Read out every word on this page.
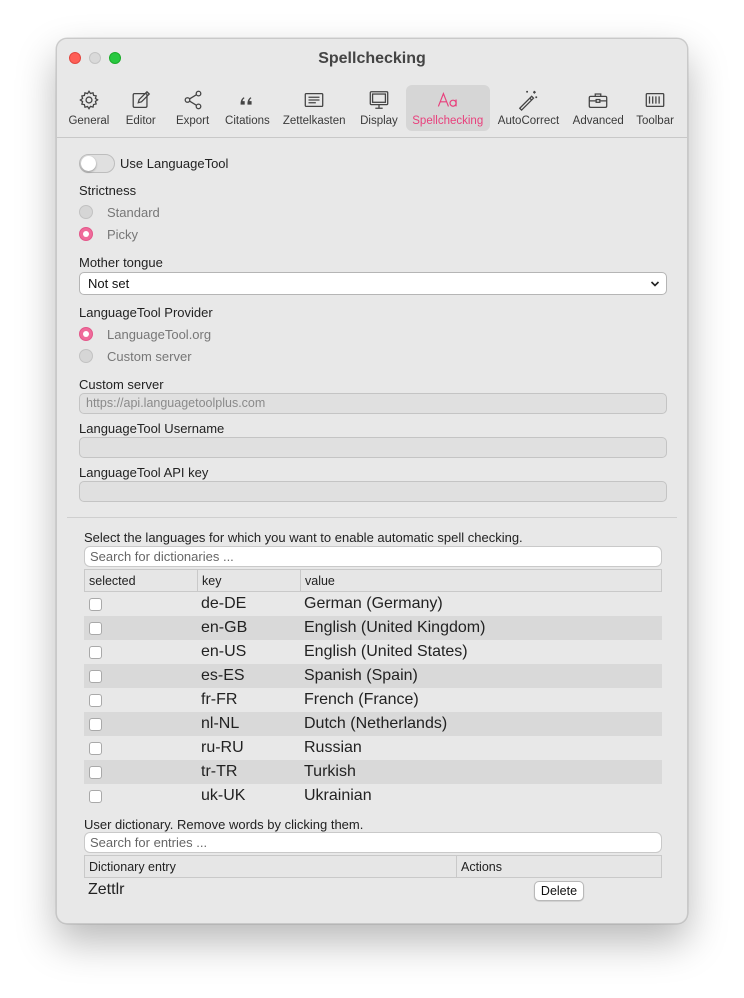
Spellchecking
General Editor Export Citations Zettelkasten Display Spellchecking AutoCorrect Advanced Toolbar
Use LanguageTool
Strictness
Standard
Picky
Mother tongue
Not set
LanguageTool Provider
LanguageTool.org
Custom server
Custom server
https://api.languagetoolplus.com
LanguageTool Username
LanguageTool API key
Select the languages for which you want to enable automatic spell checking.
Search for dictionaries ...
selected	key	value
de-DE	German (Germany)
en-GB	English (United Kingdom)
en-US	English (United States)
es-ES	Spanish (Spain)
fr-FR	French (France)
nl-NL	Dutch (Netherlands)
ru-RU	Russian
tr-TR	Turkish
uk-UK	Ukrainian
User dictionary. Remove words by clicking them.
Search for entries ...
Dictionary entry	Actions
Zettlr	Delete
